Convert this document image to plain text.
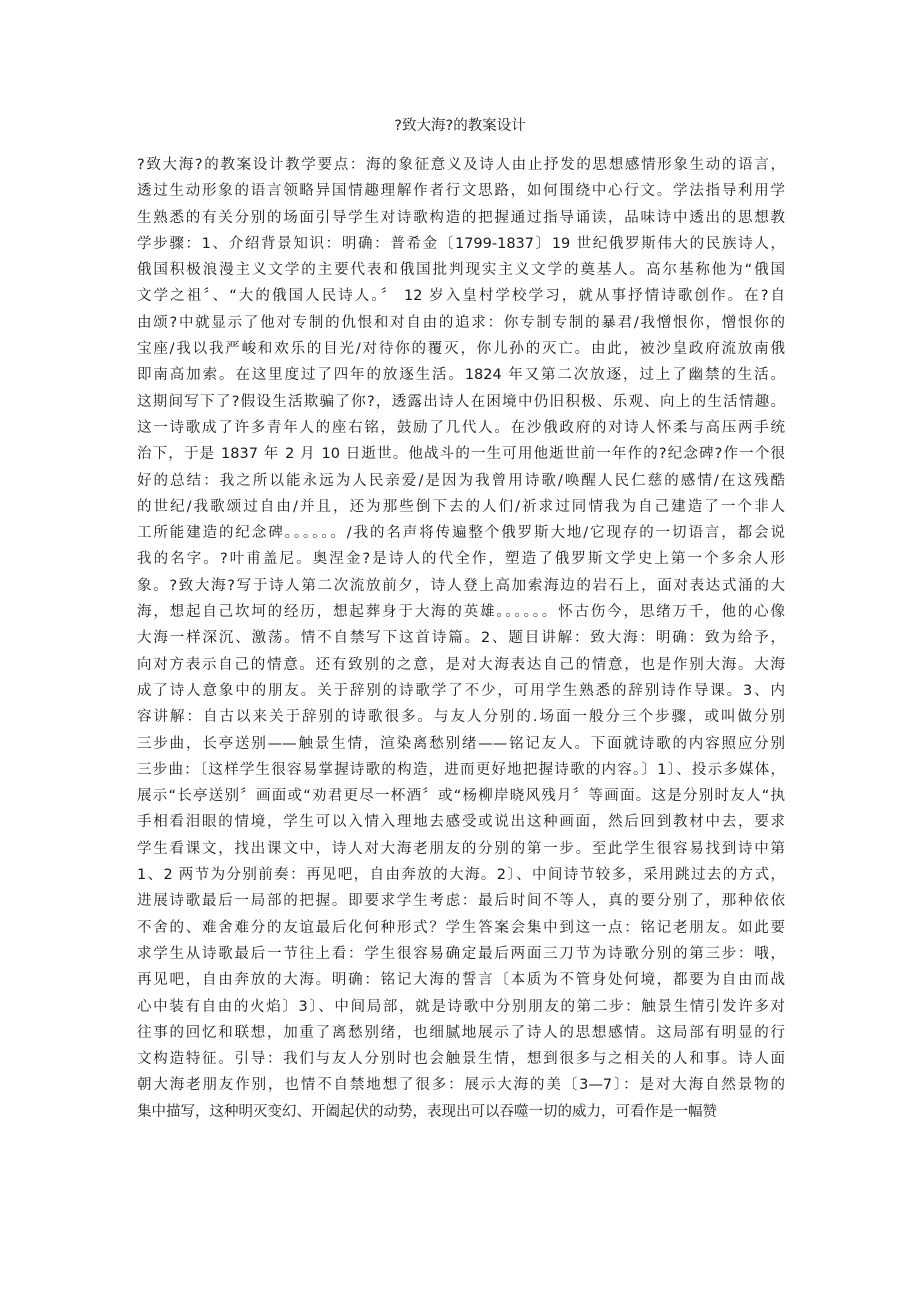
?致大海?的教案设计
?致大海?的教案设计教学要点：海的象征意义及诗人由止抒发的思想感情形象生动的语言，
透过生动形象的语言领略异国情趣理解作者行文思路，如何围绕中心行文。学法指导利用学
生熟悉的有关分别的场面引导学生对诗歌构造的把握通过指导诵读，品味诗中透出的思想教
学步骤：1、介绍背景知识：明确：普希金〔1799-1837〕19 世纪俄罗斯伟大的民族诗人，
俄国积极浪漫主义文学的主要代表和俄国批判现实主义文学的奠基人。高尔基称他为“俄国
文学之祖〞、“大的俄国人民诗人。〞 12 岁入皇村学校学习，就从事抒情诗歌创作。在?自
由颂?中就显示了他对专制的仇恨和对自由的追求：你专制专制的暴君/我憎恨你，憎恨你的
宝座/我以我严峻和欢乐的目光/对待你的覆灭，你儿孙的灭亡。由此，被沙皇政府流放南俄
即南高加索。在这里度过了四年的放逐生活。1824 年又第二次放逐，过上了幽禁的生活。
这期间写下了?假设生活欺骗了你?，透露出诗人在困境中仍旧积极、乐观、向上的生活情趣。
这一诗歌成了许多青年人的座右铭，鼓励了几代人。在沙俄政府的对诗人怀柔与高压两手统
治下，于是 1837 年 2 月 10 日逝世。他战斗的一生可用他逝世前一年作的?纪念碑?作一个很
好的总结：我之所以能永远为人民亲爱/是因为我曾用诗歌/唤醒人民仁慈的感情/在这残酷
的世纪/我歌颂过自由/并且，还为那些倒下去的人们/祈求过同情我为自己建造了一个非人
工所能建造的纪念碑。。。。。。/我的名声将传遍整个俄罗斯大地/它现存的一切语言，都会说
我的名字。?叶甫盖尼。奥涅金?是诗人的代全作，塑造了俄罗斯文学史上第一个多余人形
象。?致大海?写于诗人第二次流放前夕，诗人登上高加索海边的岩石上，面对表达式涌的大
海，想起自己坎坷的经历，想起葬身于大海的英雄。。。。。。怀古伤今，思绪万千，他的心像
大海一样深沉、激荡。情不自禁写下这首诗篇。2、题目讲解：致大海：明确：致为给予，
向对方表示自己的情意。还有致别的之意，是对大海表达自己的情意，也是作别大海。大海
成了诗人意象中的朋友。关于辞别的诗歌学了不少，可用学生熟悉的辞别诗作导课。3、内
容讲解：自古以来关于辞别的诗歌很多。与友人分别的.场面一般分三个步骤，或叫做分别
三步曲，长亭送别——触景生情，渲染离愁别绪——铭记友人。下面就诗歌的内容照应分别
三步曲：〔这样学生很容易掌握诗歌的构造，进而更好地把握诗歌的内容。〕1〕、投示多媒体，
展示“长亭送别〞画面或“劝君更尽一杯酒〞或“杨柳岸晓风残月〞等画面。这是分别时友人“执
手相看泪眼的情境，学生可以入情入理地去感受或说出这种画面，然后回到教材中去，要求
学生看课文，找出课文中，诗人对大海老朋友的分别的第一步。至此学生很容易找到诗中第
1、2 两节为分别前奏：再见吧，自由奔放的大海。2〕、中间诗节较多，采用跳过去的方式，
进展诗歌最后一局部的把握。即要求学生考虑：最后时间不等人，真的要分别了，那种依依
不舍的、难舍难分的友谊最后化何种形式？学生答案会集中到这一点：铭记老朋友。如此要
求学生从诗歌最后一节往上看：学生很容易确定最后两面三刀节为诗歌分别的第三步：哦，
再见吧，自由奔放的大海。明确：铭记大海的誓言〔本质为不管身处何境，都要为自由而战
心中装有自由的火焰〕3〕、中间局部，就是诗歌中分别朋友的第二步：触景生情引发许多对
往事的回忆和联想，加重了离愁别绪，也细腻地展示了诗人的思想感情。这局部有明显的行
文构造特征。引导：我们与友人分别时也会触景生情，想到很多与之相关的人和事。诗人面
朝大海老朋友作别，也情不自禁地想了很多：展示大海的美〔3—7〕：是对大海自然景物的
集中描写，这种明灭变幻、开阖起伏的动势，表现出可以吞噬一切的威力，可看作是一幅赞
